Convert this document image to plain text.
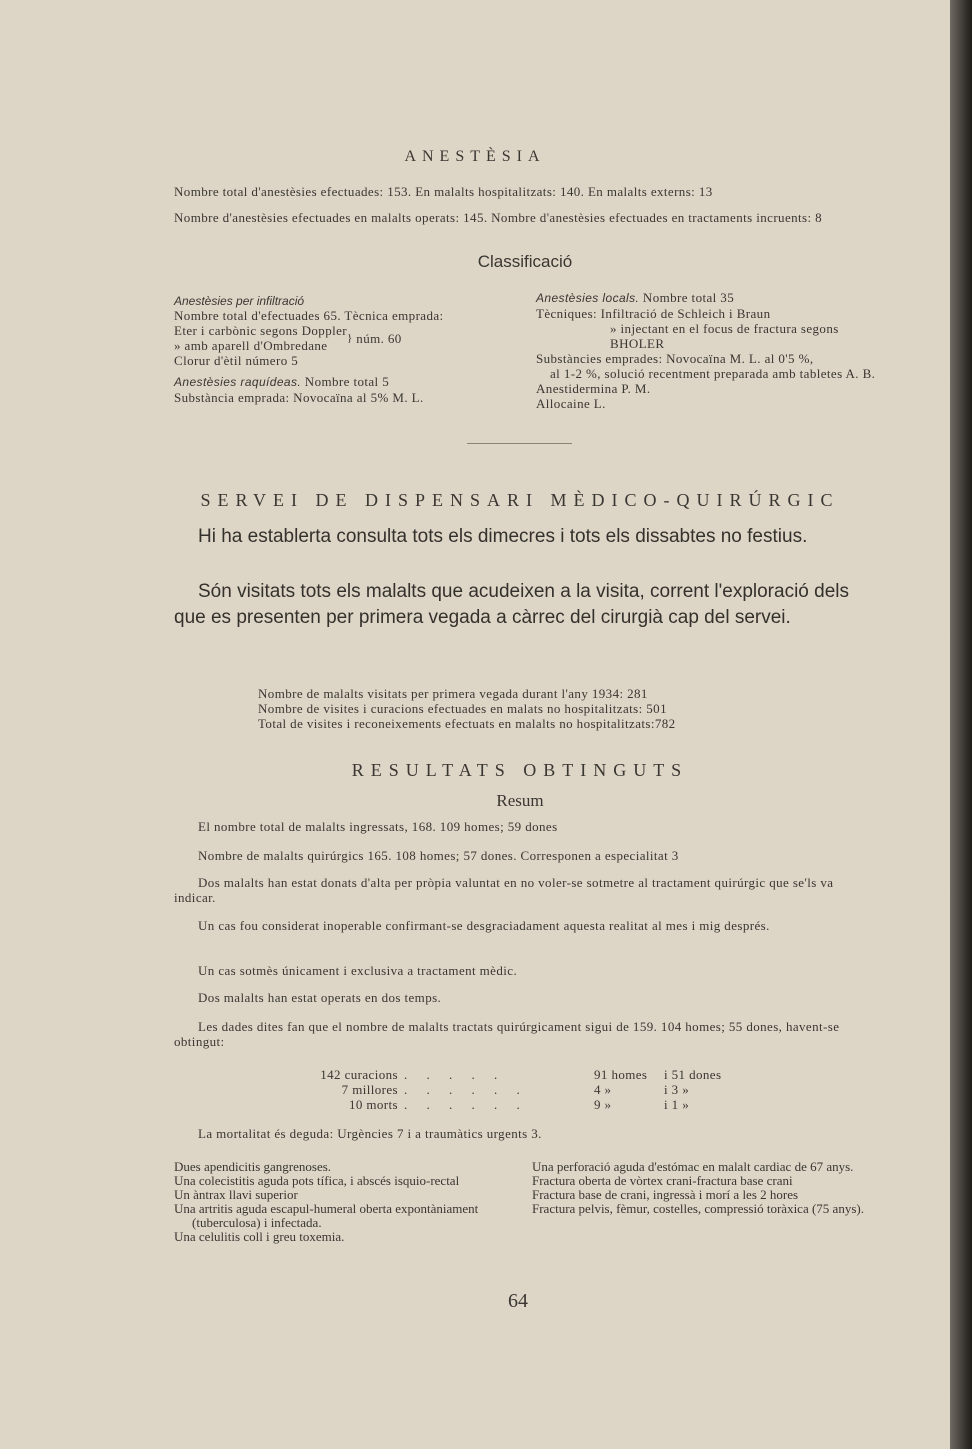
ANESTÈSIA

Nombre total d'anestèsies efectuades: 153. En malalts hospitalitzats: 140. En malalts externs: 13

Nombre d'anestèsies efectuades en malalts operats: 145. Nombre d'anestèsies efectuades en tractaments incruents: 8

Classificació
Anestèsies per infiltració
Nombre total d'efectuades 65. Tècnica emprada:
Eter i carbònic segons Doppler
» amb aparell d'Ombredane	} núm. 60
Clorur d'ètil número 5
Anestèsies raquídeas. Nombre total 5
Substància emprada: Novocaïna al 5% M. L.
Anestèsies locals. Nombre total 35
Tècniques: Infiltració de Schleich i Braun
» injectant en el focus de fractura segons BHOLER
Substàncies emprades: Novocaïna M. L. al 0'5 %,
al 1-2 %, solució recentment preparada amb tabletes A. B.
Anestidermina P. M.
Allocaine L.
SERVEI DE DISPENSARI MÈDICO-QUIRÚRGIC

Hi ha establerta consulta tots els dimecres i tots els dissabtes no festius.

Són visitats tots els malalts que acudeixen a la visita, corrent l'exploració dels que es presenten per primera vegada a càrrec del cirurgià cap del servei.

Nombre de malalts visitats per primera vegada durant l'any 1934: 281
Nombre de visites i curacions efectuades en malats no hospitalitzats: 501
Total de visites i reconeixements efectuats en malalts no hospitalitzats:782
RESULTATS OBTINGUTS
Resum

El nombre total de malalts ingressats, 168. 109 homes; 59 dones

Nombre de malalts quirúrgics 165. 108 homes; 57 dones. Corresponen a especialitat 3

Dos malalts han estat donats d'alta per pròpia valuntat en no voler-se sotmetre al tractament quirúrgic que se'ls va indicar.

Un cas fou considerat inoperable confirmant-se desgraciadament aquesta realitat al mes i mig després.

Un cas sotmès únicament i exclusiva a tractament mèdic.

Dos malalts han estat operats en dos temps.

Les dades dites fan que el nombre de malalts tractats quirúrgicament sigui de 159. 104 homes; 55 dones, havent-se obtingut:

142 curacions . . . . .	91 homes	i 51 dones
7 millores . . . . . .	4 »	i 3 »
10 morts . . . . . .	9 »	i 1 »

La mortalitat és deguda: Urgències 7 i a traumàtics urgents 3.

Dues apendicitis gangrenoses.
Una colecistitis aguda pots tífica, i abscés isquio-rectal
Un àntrax llavi superior
Una artritis aguda escapul-humeral oberta expontàniament (tuberculosa) i infectada.
Una celulitis coll i greu toxemia.
Una perforació aguda d'estómac en malalt cardiac de 67 anys.
Fractura oberta de vòrtex crani-fractura base crani
Fractura base de crani, ingressà i morí a les 2 hores
Fractura pelvis, fèmur, costelles, compressió toràxica (75 anys).
64
